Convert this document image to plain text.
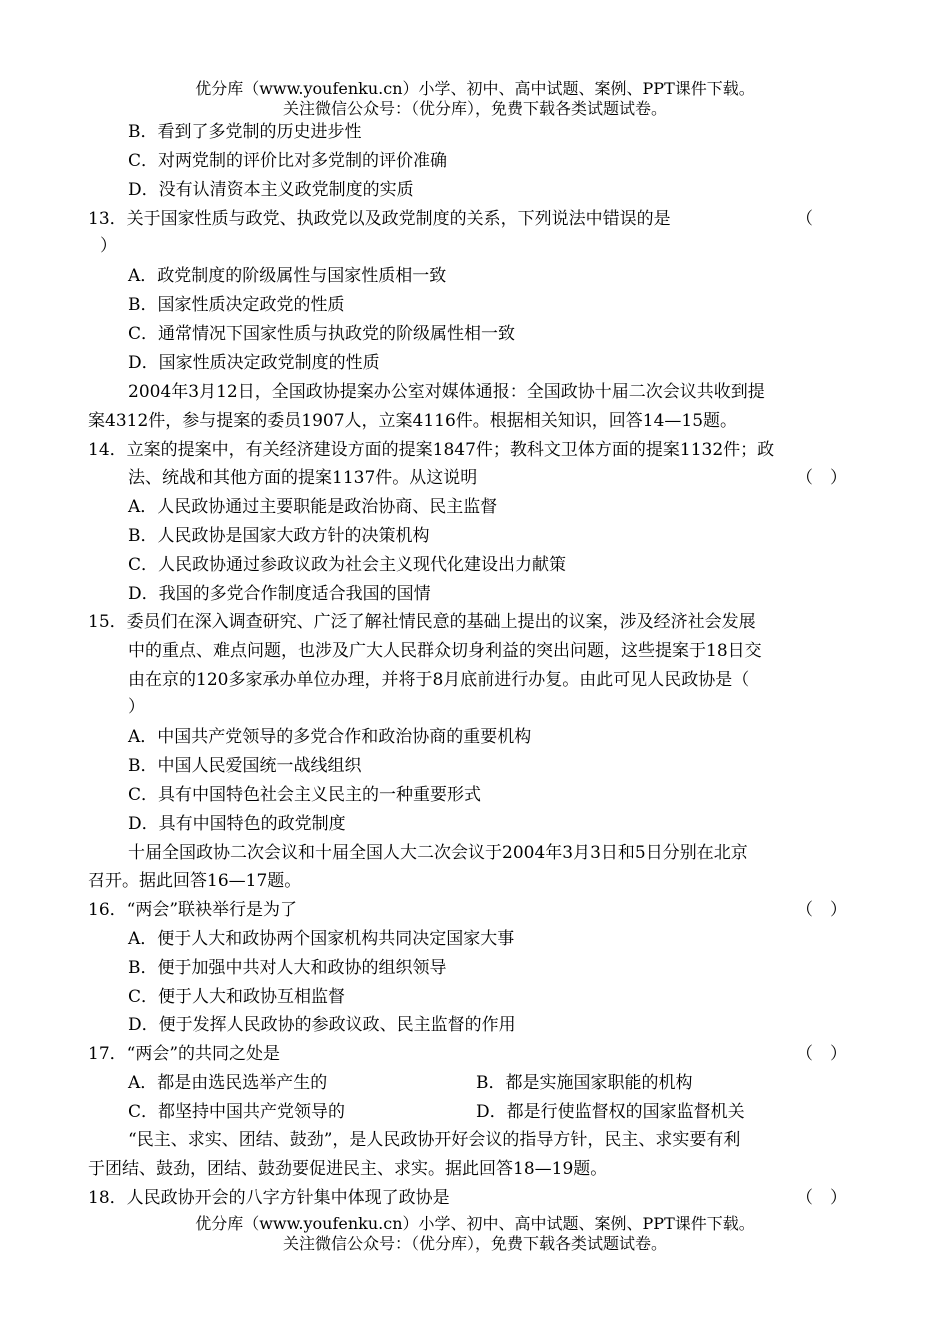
优分库（www.youfenku.cn）小学、初中、高中试题、案例、PPT课件下载。
关注微信公众号：（优分库），免费下载各类试题试卷。
B．看到了多党制的历史进步性
C．对两党制的评价比对多党制的评价准确
D．没有认清资本主义政党制度的实质
13．关于国家性质与政党、执政党以及政党制度的关系，下列说法中错误的是	（
）
A．政党制度的阶级属性与国家性质相一致
B．国家性质决定政党的性质
C．通常情况下国家性质与执政党的阶级属性相一致
D．国家性质决定政党制度的性质
2004年3月12日，全国政协提案办公室对媒体通报：全国政协十届二次会议共收到提
案4312件，参与提案的委员1907人，立案4116件。根据相关知识，回答14—15题。
14．立案的提案中，有关经济建设方面的提案1847件；教科文卫体方面的提案1132件；政
法、统战和其他方面的提案1137件。从这说明	（　）
A．人民政协通过主要职能是政治协商、民主监督
B．人民政协是国家大政方针的决策机构
C．人民政协通过参政议政为社会主义现代化建设出力献策
D．我国的多党合作制度适合我国的国情
15．委员们在深入调查研究、广泛了解社情民意的基础上提出的议案，涉及经济社会发展
中的重点、难点问题，也涉及广大人民群众切身利益的突出问题，这些提案于18日交
由在京的120多家承办单位办理，并将于8月底前进行办复。由此可见人民政协是（
）
A．中国共产党领导的多党合作和政治协商的重要机构
B．中国人民爱国统一战线组织
C．具有中国特色社会主义民主的一种重要形式
D．具有中国特色的政党制度
十届全国政协二次会议和十届全国人大二次会议于2004年3月3日和5日分别在北京
召开。据此回答16—17题。
16．“两会”联袂举行是为了	（　）
A．便于人大和政协两个国家机构共同决定国家大事
B．便于加强中共对人大和政协的组织领导
C．便于人大和政协互相监督
D．便于发挥人民政协的参政议政、民主监督的作用
17．“两会”的共同之处是	（　）
A．都是由选民选举产生的	B．都是实施国家职能的机构
C．都坚持中国共产党领导的	D．都是行使监督权的国家监督机关
“民主、求实、团结、鼓劲”，是人民政协开好会议的指导方针，民主、求实要有利
于团结、鼓劲，团结、鼓劲要促进民主、求实。据此回答18—19题。
18．人民政协开会的八字方针集中体现了政协是	（　）
优分库（www.youfenku.cn）小学、初中、高中试题、案例、PPT课件下载。
关注微信公众号：（优分库），免费下载各类试题试卷。
